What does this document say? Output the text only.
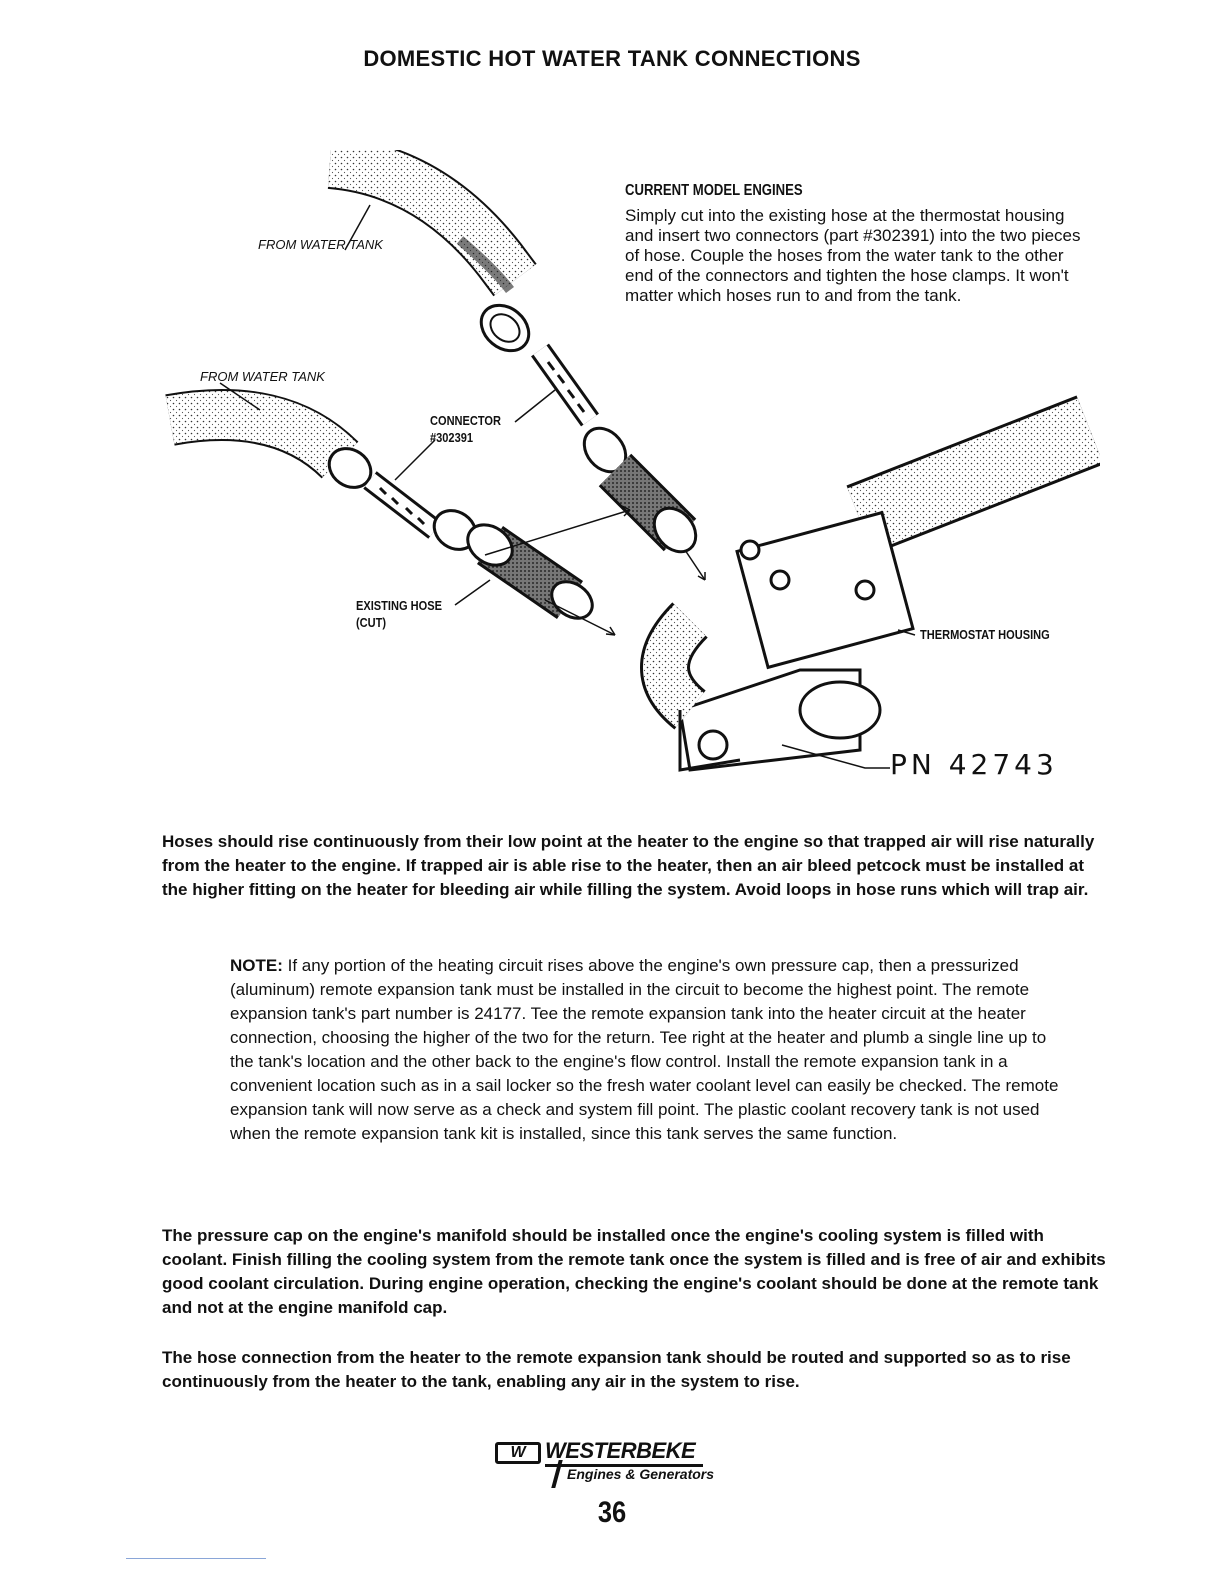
DOMESTIC HOT WATER TANK CONNECTIONS
FROM WATER TANK
FROM WATER TANK
CONNECTOR
#302391
EXISTING HOSE
(CUT)
THERMOSTAT HOUSING
CURRENT MODEL ENGINES
Simply cut into the existing hose at the thermostat housing and insert two connectors (part #302391) into the two pieces of hose. Couple the hoses from the water tank to the other end of the connectors and tighten the hose clamps. It won't matter which hoses run to and from the tank.
PN 42743
Hoses should rise continuously from their low point at the heater to the engine so that trapped air will rise naturally from the heater to the engine. If trapped air is able rise to the heater, then an air bleed petcock must be installed at the higher fitting on the heater for bleeding air while filling the system. Avoid loops in hose runs which will trap air.
NOTE: If any portion of the heating circuit rises above the engine's own pressure cap, then a pressurized (aluminum) remote expansion tank must be installed in the circuit to become the highest point. The remote expansion tank's part number is 24177. Tee the remote expansion tank into the heater circuit at the heater connection, choosing the higher of the two for the return. Tee right at the heater and plumb a single line up to the tank's location and the other back to the engine's flow control. Install the remote expansion tank in a convenient location such as in a sail locker so the fresh water coolant level can easily be checked. The remote expansion tank will now serve as a check and system fill point. The plastic coolant recovery tank is not used when the remote expansion tank kit is installed, since this tank serves the same function.
The pressure cap on the engine's manifold should be installed once the engine's cooling system is filled with coolant. Finish filling the cooling system from the remote tank once the system is filled and is free of air and exhibits good coolant circulation. During engine operation, checking the engine's coolant should be done at the remote tank and not at the engine manifold cap.
The hose connection from the heater to the remote expansion tank should be routed and supported so as to rise continuously from the heater to the tank, enabling any air in the system to rise.
W WESTERBEKE
Engines & Generators
36
